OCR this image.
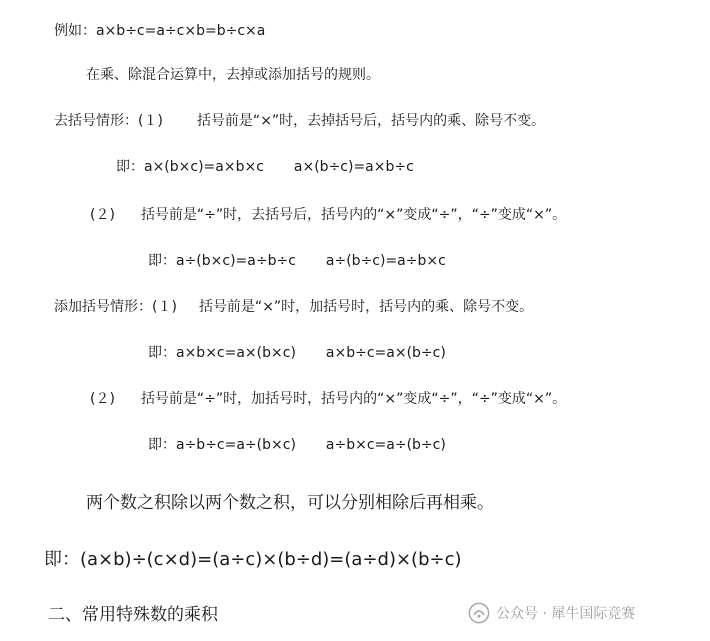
例如：a×b÷c=a÷c×b=b÷c×a
在乘、除混合运算中，去掉或添加括号的规则。
去括号情形：(１) 括号前是“×”时，去掉括号后，括号内的乘、除号不变。
即：a×(b×c)=a×b×c a×(b÷c)=a×b÷c
(２) 括号前是“÷”时，去括号后，括号内的“×”变成“÷”，“÷”变成“×”。
即：a÷(b×c)=a÷b÷c a÷(b÷c)=a÷b×c
添加括号情形：(１) 括号前是“×”时，加括号时，括号内的乘、除号不变。
即：a×b×c=a×(b×c) a×b÷c=a×(b÷c)
(２) 括号前是“÷”时，加括号时，括号内的“×”变成“÷”，“÷”变成“×”。
即：a÷b÷c=a÷(b×c) a÷b×c=a÷(b÷c)
两个数之积除以两个数之积，可以分别相除后再相乘。
即：(a×b)÷(c×d)=(a÷c)×(b÷d)=(a÷d)×(b÷c)
二、常用特殊数的乘积	公众号 · 犀牛国际竞赛
